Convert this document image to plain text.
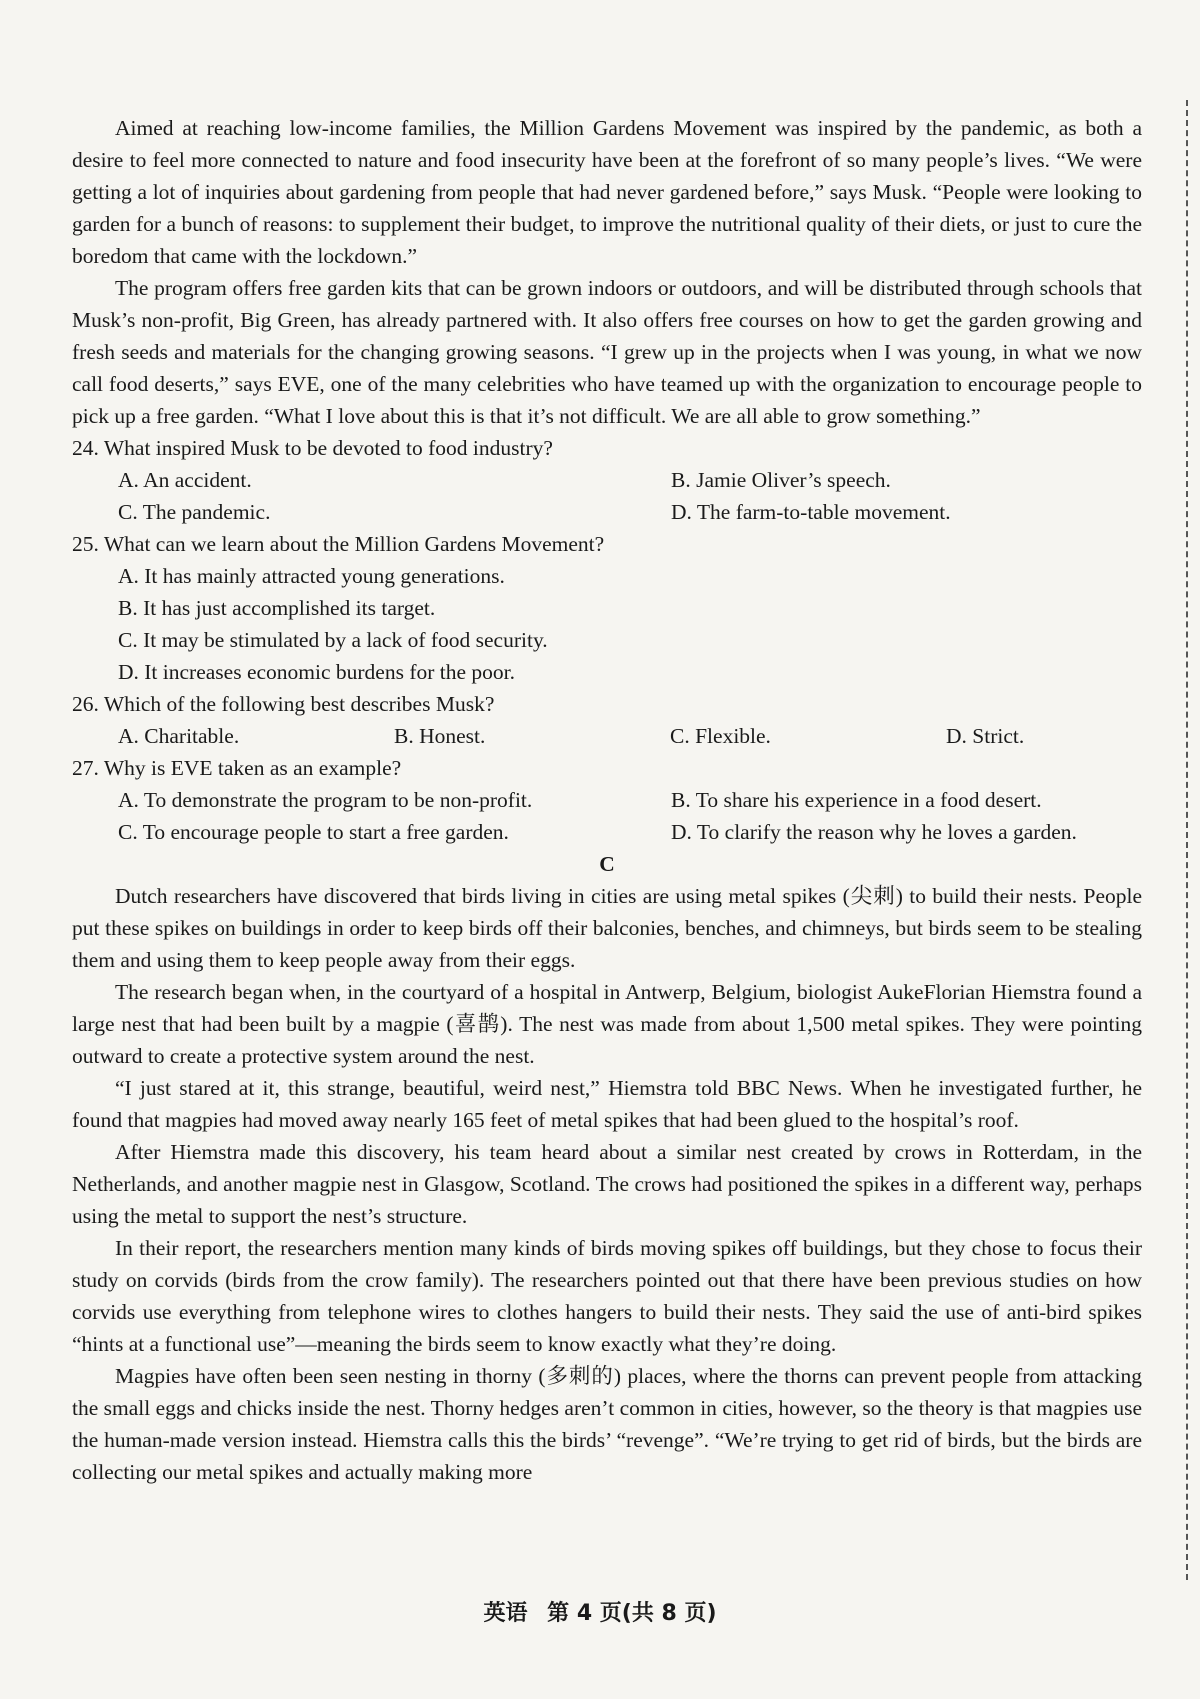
Aimed at reaching low-income families, the Million Gardens Movement was inspired by the pandemic, as both a desire to feel more connected to nature and food insecurity have been at the forefront of so many people’s lives. “We were getting a lot of inquiries about gardening from people that had never gardened before,” says Musk. “People were looking to garden for a bunch of reasons: to supplement their budget, to improve the nutritional quality of their diets, or just to cure the boredom that came with the lockdown.”

The program offers free garden kits that can be grown indoors or outdoors, and will be distributed through schools that Musk’s non-profit, Big Green, has already partnered with. It also offers free courses on how to get the garden growing and fresh seeds and materials for the changing growing seasons. “I grew up in the projects when I was young, in what we now call food deserts,” says EVE, one of the many celebrities who have teamed up with the organization to encourage people to pick up a free garden. “What I love about this is that it’s not difficult. We are all able to grow something.”

24. What inspired Musk to be devoted to food industry?

A. An accident.	B. Jamie Oliver’s speech.
C. The pandemic.	D. The farm-to-table movement.

25. What can we learn about the Million Gardens Movement?

A. It has mainly attracted young generations.
B. It has just accomplished its target.
C. It may be stimulated by a lack of food security.
D. It increases economic burdens for the poor.

26. Which of the following best describes Musk?

A. Charitable.	B. Honest.	C. Flexible.	D. Strict.

27. Why is EVE taken as an example?

A. To demonstrate the program to be non-profit.	B. To share his experience in a food desert.
C. To encourage people to start a free garden.	D. To clarify the reason why he loves a garden.

C

Dutch researchers have discovered that birds living in cities are using metal spikes (尖刺) to build their nests. People put these spikes on buildings in order to keep birds off their balconies, benches, and chimneys, but birds seem to be stealing them and using them to keep people away from their eggs.

The research began when, in the courtyard of a hospital in Antwerp, Belgium, biologist AukeFlorian Hiemstra found a large nest that had been built by a magpie (喜鹊). The nest was made from about 1,500 metal spikes. They were pointing outward to create a protective system around the nest.

“I just stared at it, this strange, beautiful, weird nest,” Hiemstra told BBC News. When he investigated further, he found that magpies had moved away nearly 165 feet of metal spikes that had been glued to the hospital’s roof.

After Hiemstra made this discovery, his team heard about a similar nest created by crows in Rotterdam, in the Netherlands, and another magpie nest in Glasgow, Scotland. The crows had positioned the spikes in a different way, perhaps using the metal to support the nest’s structure.

In their report, the researchers mention many kinds of birds moving spikes off buildings, but they chose to focus their study on corvids (birds from the crow family). The researchers pointed out that there have been previous studies on how corvids use everything from telephone wires to clothes hangers to build their nests. They said the use of anti-bird spikes “hints at a functional use”—meaning the birds seem to know exactly what they’re doing.

Magpies have often been seen nesting in thorny (多刺的) places, where the thorns can prevent people from attacking the small eggs and chicks inside the nest. Thorny hedges aren’t common in cities, however, so the theory is that magpies use the human-made version instead. Hiemstra calls this the birds’ “revenge”. “We’re trying to get rid of birds, but the birds are collecting our metal spikes and actually making more

英语 第 4 页(共 8 页)
